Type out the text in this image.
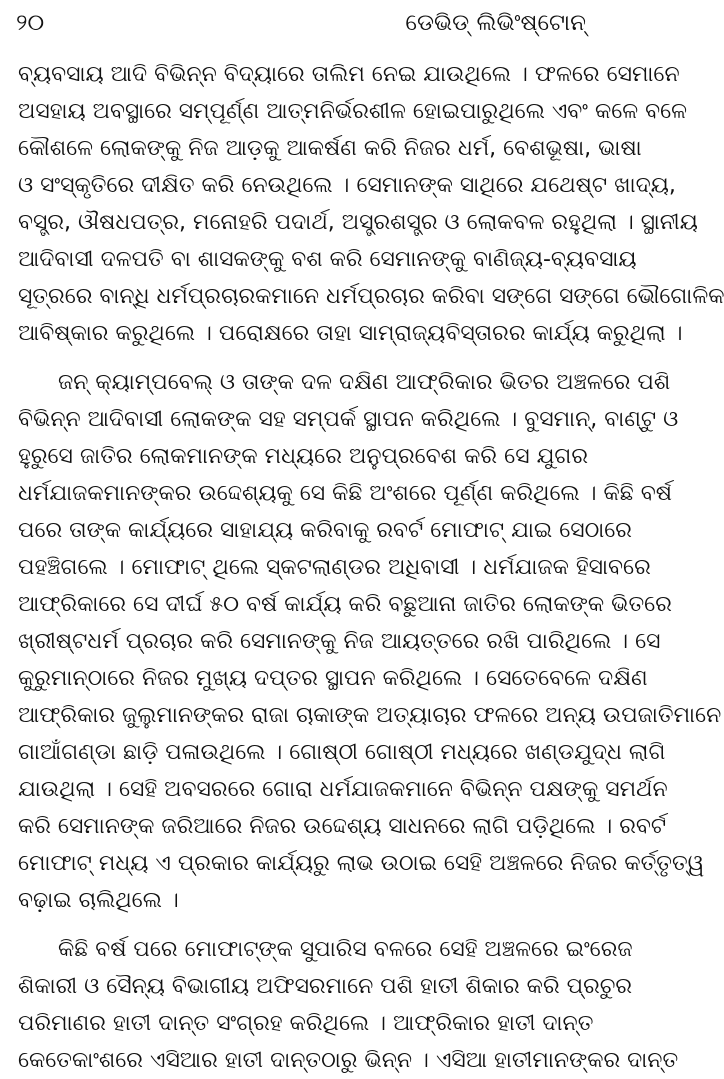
୨୦	ଡେଭିଡ୍ ଲିଭିଂଷ୍ଟୋନ୍
ବ୍ୟବସାୟ ଆଦି ବିଭିନ୍ନ ବିଦ୍ୟାରେ ତାଲିମ ନେଇ ଯାଉଥିଲେ । ଫଳରେ ସେମାନେ
ଅସହାୟ ଅବସ୍ଥାରେ ସମ୍ପୂର୍ଣ୍ଣ ଆତ୍ମନିର୍ଭରଶୀଳ ହୋଇପାରୁଥିଲେ ଏବଂ କଳେ ବଳେ
କୌଶଳେ ଲୋକଙ୍କୁ ନିଜ ଆଡ଼କୁ ଆକର୍ଷଣ କରି ନିଜର ଧର୍ମ, ବେଶଭୂଷା, ଭାଷା
ଓ ସଂସ୍କୃତିରେ ଦୀକ୍ଷିତ କରି ନେଉଥିଲେ । ସେମାନଙ୍କ ସାଥିରେ ଯଥେଷ୍ଟ ଖାଦ୍ୟ,
ବସ୍ତ୍ର, ଔଷଧପତ୍ର, ମନୋହରି ପଦାର୍ଥ, ଅସ୍ତ୍ରଶସ୍ତ୍ର ଓ ଲୋକବଳ ରହୁଥିଲା । ସ୍ଥାନୀୟ
ଆଦିବାସୀ ଦଳପତି ବା ଶାସକଙ୍କୁ ବଶ କରି ସେମାନଙ୍କୁ ବାଣିଜ୍ୟ-ବ୍ୟବସାୟ
ସୂତ୍ରରେ ବାନ୍ଧି ଧର୍ମପ୍ରଚାରକମାନେ ଧର୍ମପ୍ରଚାର କରିବା ସଙ୍ଗେ ସଙ୍ଗେ ଭୌଗୋଳିକ
ଆବିଷ୍କାର କରୁଥିଲେ । ପରୋକ୍ଷରେ ତାହା ସାମ୍ରାଜ୍ୟବିସ୍ତାରର କାର୍ଯ୍ୟ କରୁଥିଲା ।
ଜନ୍ କ୍ୟାମ୍ପବେଲ୍ ଓ ତାଙ୍କ ଦଳ ଦକ୍ଷିଣ ଆଫ୍ରିକାର ଭିତର ଅଞ୍ଚଳରେ ପଶି
ବିଭିନ୍ନ ଆଦିବାସୀ ଲୋକଙ୍କ ସହ ସମ୍ପର୍କ ସ୍ଥାପନ କରିଥିଲେ । ବୁସମାନ୍, ବାଣ୍ଟୁ ଓ
ହୁରୁସେ ଜାତିର ଲୋକମାନଙ୍କ ମଧ୍ୟରେ ଅନୁପ୍ରବେଶ କରି ସେ ଯୁଗର
ଧର୍ମଯାଜକମାନଙ୍କର ଉଦ୍ଦେଶ୍ୟକୁ ସେ କିଛି ଅଂଶରେ ପୂର୍ଣ୍ଣ କରିଥିଲେ । କିଛି ବର୍ଷ
ପରେ ତାଙ୍କ କାର୍ଯ୍ୟରେ ସାହାଯ୍ୟ କରିବାକୁ ରବର୍ଟ ମୋଫାଟ୍ ଯାଇ ସେଠାରେ
ପହଞ୍ଚିଗଲେ । ମୋଫାଟ୍ ଥିଲେ ସ୍କଟଲାଣ୍ଡର ଅଧିବାସୀ । ଧର୍ମଯାଜକ ହିସାବରେ
ଆଫ୍ରିକାରେ ସେ ଦୀର୍ଘ ୫୦ ବର୍ଷ କାର୍ଯ୍ୟ କରି ବଛୁଆନା ଜାତିର ଲୋକଙ୍କ ଭିତରେ
ଖ୍ରୀଷ୍ଟଧର୍ମ ପ୍ରଚାର କରି ସେମାନଙ୍କୁ ନିଜ ଆୟତ୍ତରେ ରଖି ପାରିଥିଲେ । ସେ
କୁରୁମାନ୍ଠାରେ ନିଜର ମୁଖ୍ୟ ଦପ୍ତର ସ୍ଥାପନ କରିଥିଲେ । ସେତେବେଳେ ଦକ୍ଷିଣ
ଆଫ୍ରିକାର ଜୁଲୁମାନଙ୍କର ରାଜା ଚାକାଙ୍କ ଅତ୍ୟାଚାର ଫଳରେ ଅନ୍ୟ ଉପଜାତିମାନେ
ଗାଆଁଗଣ୍ଡା ଛାଡ଼ି ପଳାଉଥିଲେ । ଗୋଷ୍ଠୀ ଗୋଷ୍ଠୀ ମଧ୍ୟରେ ଖଣ୍ଡଯୁଦ୍ଧ ଲାଗି
ଯାଉଥିଲା । ସେହି ଅବସରରେ ଗୋରା ଧର୍ମଯାଜକମାନେ ବିଭିନ୍ନ ପକ୍ଷଙ୍କୁ ସମର୍ଥନ
କରି ସେମାନଙ୍କ ଜରିଆରେ ନିଜର ଉଦ୍ଦେଶ୍ୟ ସାଧନରେ ଲାଗି ପଡ଼ିଥିଲେ । ରବର୍ଟ
ମୋଫାଟ୍ ମଧ୍ୟ ଏ ପ୍ରକାର କାର୍ଯ୍ୟରୁ ଲାଭ ଉଠାଇ ସେହି ଅଞ୍ଚଳରେ ନିଜର କର୍ତ୍ତୃତ୍ୱ
ବଢ଼ାଇ ଚାଲିଥିଲେ ।
କିଛି ବର୍ଷ ପରେ ମୋଫାଟ୍ଙ୍କ ସୁପାରିସ ବଳରେ ସେହି ଅଞ୍ଚଳରେ ଇଂରେଜ
ଶିକାରୀ ଓ ସୈନ୍ୟ ବିଭାଗୀୟ ଅଫିସରମାନେ ପଶି ହାତୀ ଶିକାର କରି ପ୍ରଚୁର
ପରିମାଣର ହାତୀ ଦାନ୍ତ ସଂଗ୍ରହ କରିଥିଲେ । ଆଫ୍ରିକାର ହାତୀ ଦାନ୍ତ
କେତେକାଂଶରେ ଏସିଆର ହାତୀ ଦାନ୍ତଠାରୁ ଭିନ୍ନ । ଏସିଆ ହାତୀମାନଙ୍କର ଦାନ୍ତ
